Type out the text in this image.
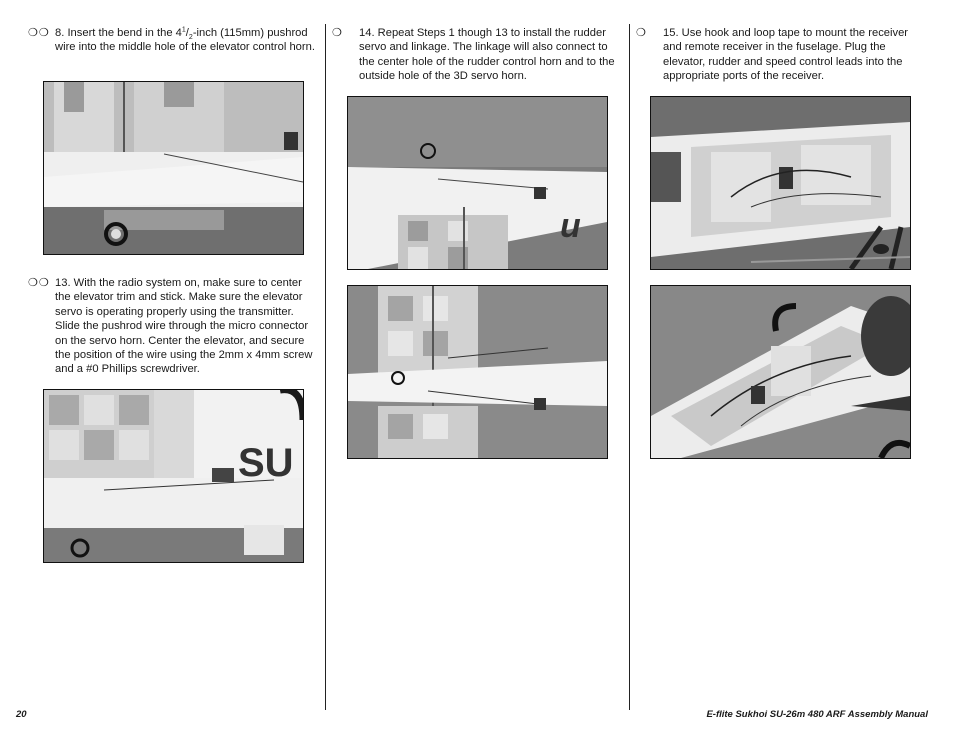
❍❍ 8. Insert the bend in the $4^1/_2$-inch (115mm) pushrod wire into the middle hole of the elevator control horn.
❍❍ 13. With the radio system on, make sure to center the elevator trim and stick. Make sure the elevator servo is operating properly using the transmitter. Slide the pushrod wire through the micro connector on the servo horn. Center the elevator, and secure the position of the wire using the 2mm x 4mm screw and a #0 Phillips screwdriver.
SU
❍ 14. Repeat Steps 1 though 13 to install the rudder servo and linkage. The linkage will also connect to the center hole of the rudder control horn and to the outside hole of the 3D servo horn.
u
❍ 15. Use hook and loop tape to mount the receiver and remote receiver in the fuselage. Plug the elevator, rudder and speed control leads into the appropriate ports of the receiver.
20	E-flite Sukhoi SU-26m 480 ARF Assembly Manual
